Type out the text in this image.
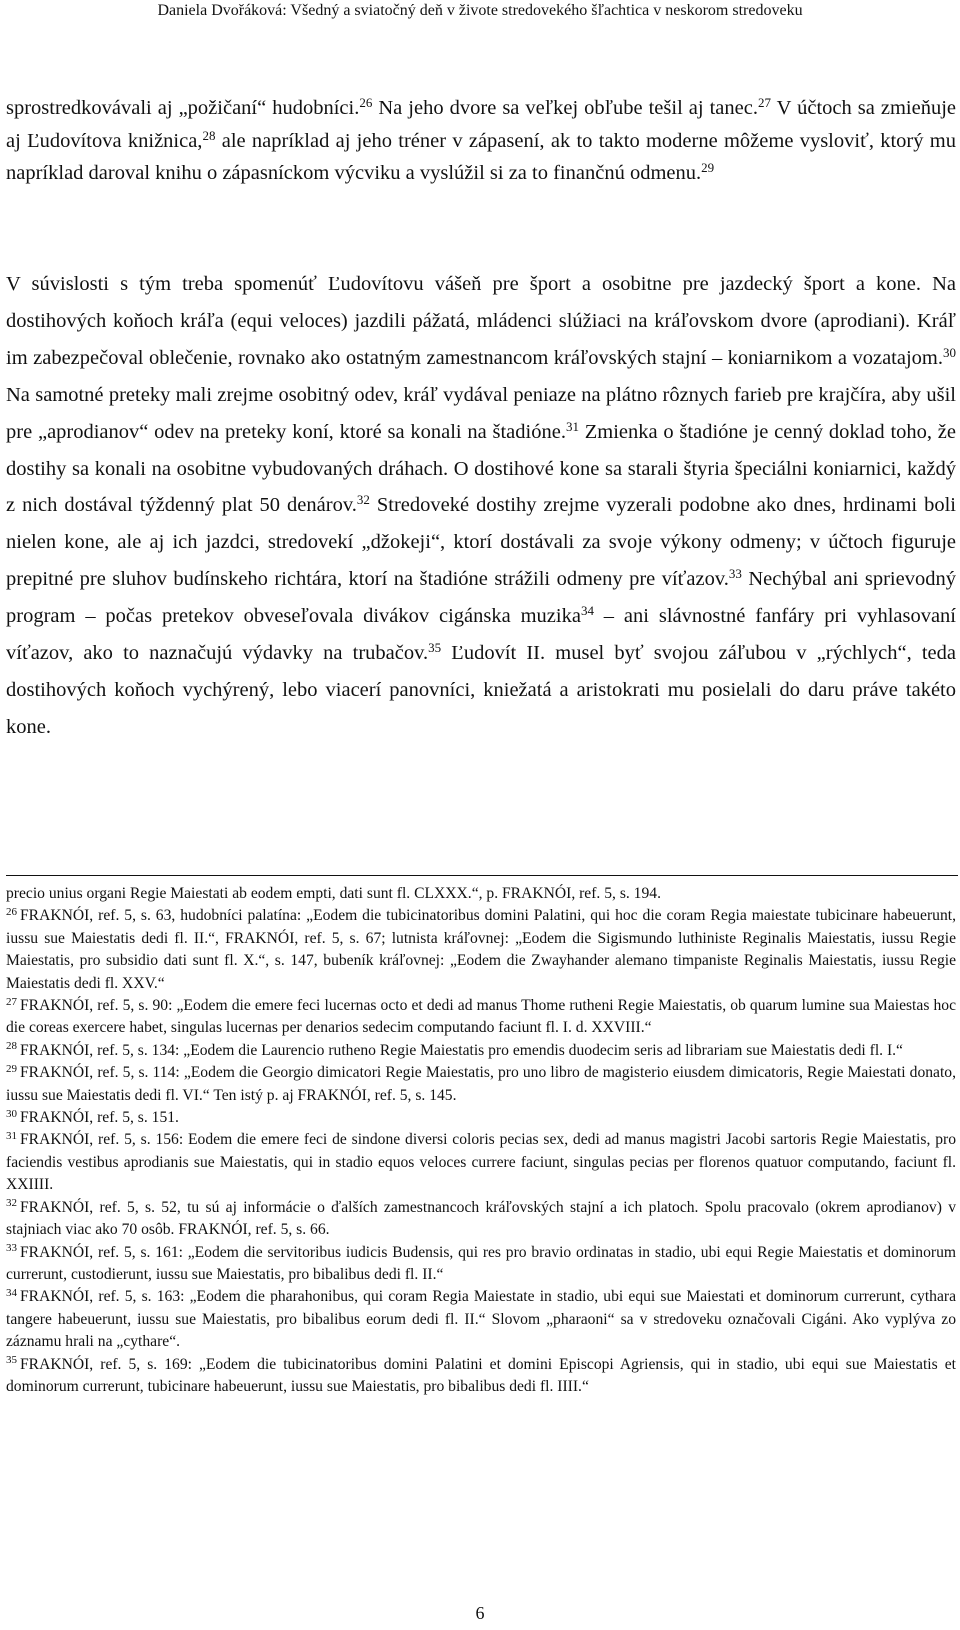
Daniela Dvořáková: Všedný a sviatočný deň v živote stredovekého šľachtica v neskorom stredoveku

sprostredkovávali aj „požičaní“ hudobníci.$^{26}$ Na jeho dvore sa veľkej obľube tešil aj tanec.$^{27}$ V účtoch sa zmieňuje aj Ľudovítova knižnica,$^{28}$ ale napríklad aj jeho tréner v zápasení, ak to takto moderne môžeme vysloviť, ktorý mu napríklad daroval knihu o zápasníckom výcviku a vyslúžil si za to finančnú odmenu.$^{29}$

V súvislosti s tým treba spomenúť Ľudovítovu vášeň pre šport a osobitne pre jazdecký šport a kone. Na dostihových koňoch kráľa (equi veloces) jazdili pážatá, mládenci slúžiaci na kráľovskom dvore (aprodiani). Kráľ im zabezpečoval oblečenie, rovnako ako ostatným zamestnancom kráľovských stajní – koniarnikom a vozatajom.$^{30}$ Na samotné preteky mali zrejme osobitný odev, kráľ vydával peniaze na plátno rôznych farieb pre krajčíra, aby ušil pre „aprodianov“ odev na preteky koní, ktoré sa konali na štadióne.$^{31}$ Zmienka o štadióne je cenný doklad toho, že dostihy sa konali na osobitne vybudovaných dráhach. O dostihové kone sa starali štyria špeciálni koniarnici, každý z nich dostával týždenný plat 50 denárov.$^{32}$ Stredoveké dostihy zrejme vyzerali podobne ako dnes, hrdinami boli nielen kone, ale aj ich jazdci, stredovekí „džokeji“, ktorí dostávali za svoje výkony odmeny; v účtoch figuruje prepitné pre sluhov budínskeho richtára, ktorí na štadióne strážili odmeny pre víťazov.$^{33}$ Nechýbal ani sprievodný program – počas pretekov obveseľovala divákov cigánska muzika$^{34}$ – ani slávnostné fanfáry pri vyhlasovaní víťazov, ako to naznačujú výdavky na trubačov.$^{35}$ Ľudovít II. musel byť svojou záľubou v „rýchlych“, teda dostihových koňoch vychýrený, lebo viacerí panovníci, kniežatá a aristokrati mu posielali do daru práve takéto kone.

precio unius organi Regie Maiestati ab eodem empti, dati sunt fl. CLXXX.“, p. FRAKNÓI, ref. 5, s. 194.

$^{26}$ FRAKNÓI, ref. 5, s. 63, hudobníci palatína: „Eodem die tubicinatoribus domini Palatini, qui hoc die coram Regia maiestate tubicinare habeuerunt, iussu sue Maiestatis dedi fl. II.“, FRAKNÓI, ref. 5, s. 67; lutnista kráľovnej: „Eodem die Sigismundo luthiniste Reginalis Maiestatis, iussu Regie Maiestatis, pro subsidio dati sunt fl. X.“, s. 147, bubeník kráľovnej: „Eodem die Zwayhander alemano timpaniste Reginalis Maiestatis, iussu Regie Maiestatis dedi fl. XXV.“

$^{27}$ FRAKNÓI, ref. 5, s. 90: „Eodem die emere feci lucernas octo et dedi ad manus Thome rutheni Regie Maiestatis, ob quarum lumine sua Maiestas hoc die coreas exercere habet, singulas lucernas per denarios sedecim computando faciunt fl. I. d. XXVIII.“

$^{28}$ FRAKNÓI, ref. 5, s. 134: „Eodem die Laurencio rutheno Regie Maiestatis pro emendis duodecim seris ad librariam sue Maiestatis dedi fl. I.“

$^{29}$ FRAKNÓI, ref. 5, s. 114: „Eodem die Georgio dimicatori Regie Maiestatis, pro uno libro de magisterio eiusdem dimicatoris, Regie Maiestati donato, iussu sue Maiestatis dedi fl. VI.“ Ten istý p. aj FRAKNÓI, ref. 5, s. 145.

$^{30}$ FRAKNÓI, ref. 5, s. 151.

$^{31}$ FRAKNÓI, ref. 5, s. 156: Eodem die emere feci de sindone diversi coloris pecias sex, dedi ad manus magistri Jacobi sartoris Regie Maiestatis, pro faciendis vestibus aprodianis sue Maiestatis, qui in stadio equos veloces currere faciunt, singulas pecias per florenos quatuor computando, faciunt fl. XXIIII.

$^{32}$ FRAKNÓI, ref. 5, s. 52, tu sú aj informácie o ďalších zamestnancoch kráľovských stajní a ich platoch. Spolu pracovalo (okrem aprodianov) v stajniach viac ako 70 osôb. FRAKNÓI, ref. 5, s. 66.

$^{33}$ FRAKNÓI, ref. 5, s. 161: „Eodem die servitoribus iudicis Budensis, qui res pro bravio ordinatas in stadio, ubi equi Regie Maiestatis et dominorum currerunt, custodierunt, iussu sue Maiestatis, pro bibalibus dedi fl. II.“

$^{34}$ FRAKNÓI, ref. 5, s. 163: „Eodem die pharahonibus, qui coram Regia Maiestate in stadio, ubi equi sue Maiestati et dominorum currerunt, cythara tangere habeuerunt, iussu sue Maiestatis, pro bibalibus eorum dedi fl. II.“ Slovom „pharaoni“ sa v stredoveku označovali Cigáni. Ako vyplýva zo záznamu hrali na „cythare“.

$^{35}$ FRAKNÓI, ref. 5, s. 169: „Eodem die tubicinatoribus domini Palatini et domini Episcopi Agriensis, qui in stadio, ubi equi sue Maiestatis et dominorum currerunt, tubicinare habeuerunt, iussu sue Maiestatis, pro bibalibus dedi fl. IIII.“

6
